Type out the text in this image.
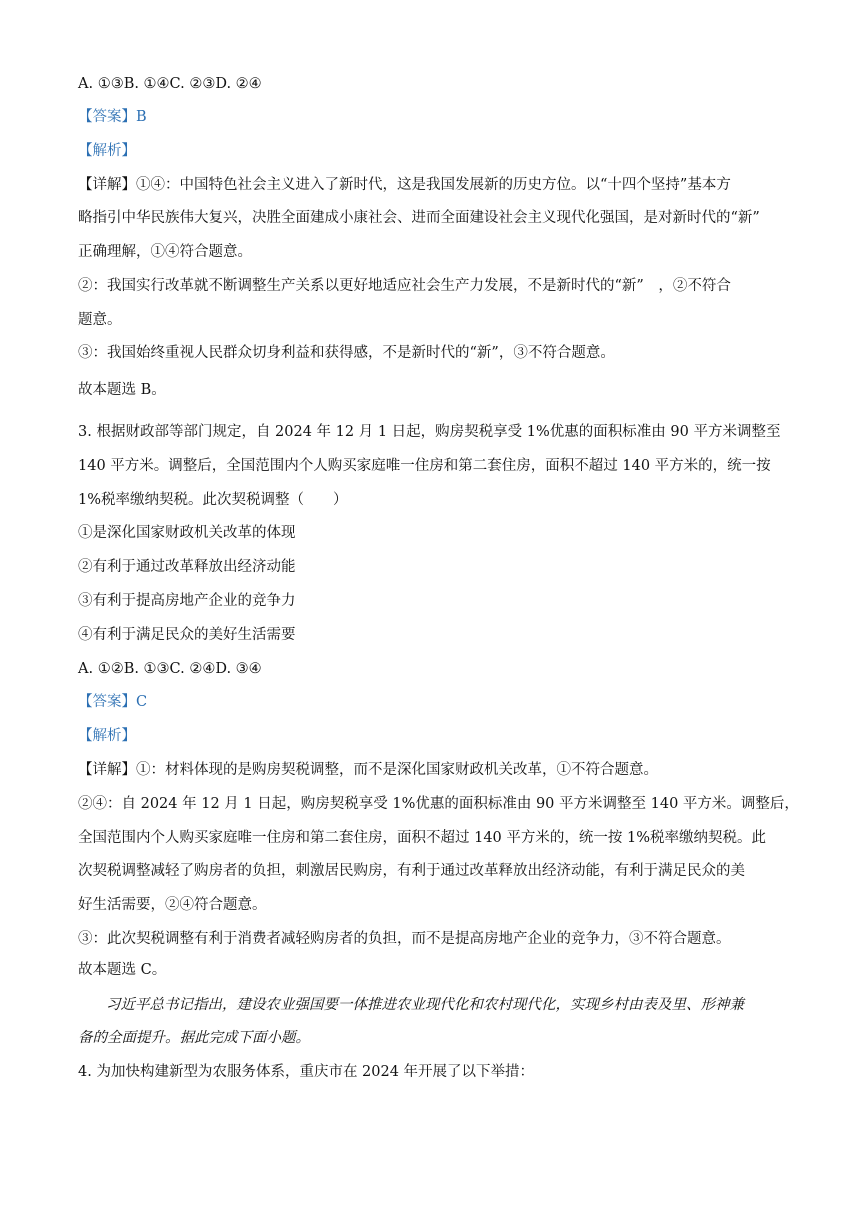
A. ①③B. ①④C. ②③D. ②④
【答案】B
【解析】
【详解】①④：中国特色社会主义进入了新时代，这是我国发展新的历史方位。以“十四个坚持”基本方
略指引中华民族伟大复兴，决胜全面建成小康社会、进而全面建设社会主义现代化强国，是对新时代的“新”
正确理解，①④符合题意。
②：我国实行改革就不断调整生产关系以更好地适应社会生产力发展，不是新时代的“新”　，②不符合
题意。
③：我国始终重视人民群众切身利益和获得感，不是新时代的“新”，③不符合题意。
故本题选 B。
3. 根据财政部等部门规定，自 2024 年 12 月 1 日起，购房契税享受 1%优惠的面积标准由 90 平方米调整至
140 平方米。调整后，全国范围内个人购买家庭唯一住房和第二套住房，面积不超过 140 平方米的，统一按
1%税率缴纳契税。此次契税调整（　　）
①是深化国家财政机关改革的体现
②有利于通过改革释放出经济动能
③有利于提高房地产企业的竞争力
④有利于满足民众的美好生活需要
A. ①②B. ①③C. ②④D. ③④
【答案】C
【解析】
【详解】①：材料体现的是购房契税调整，而不是深化国家财政机关改革，①不符合题意。
②④：自 2024 年 12 月 1 日起，购房契税享受 1%优惠的面积标准由 90 平方米调整至 140 平方米。调整后，
全国范围内个人购买家庭唯一住房和第二套住房，面积不超过 140 平方米的，统一按 1%税率缴纳契税。此
次契税调整减轻了购房者的负担，刺激居民购房，有利于通过改革释放出经济动能，有利于满足民众的美
好生活需要，②④符合题意。
③：此次契税调整有利于消费者减轻购房者的负担，而不是提高房地产企业的竞争力，③不符合题意。
故本题选 C。
习近平总书记指出，建设农业强国要一体推进农业现代化和农村现代化，实现乡村由表及里、形神兼
备的全面提升。据此完成下面小题。
4. 为加快构建新型为农服务体系，重庆市在 2024 年开展了以下举措：
